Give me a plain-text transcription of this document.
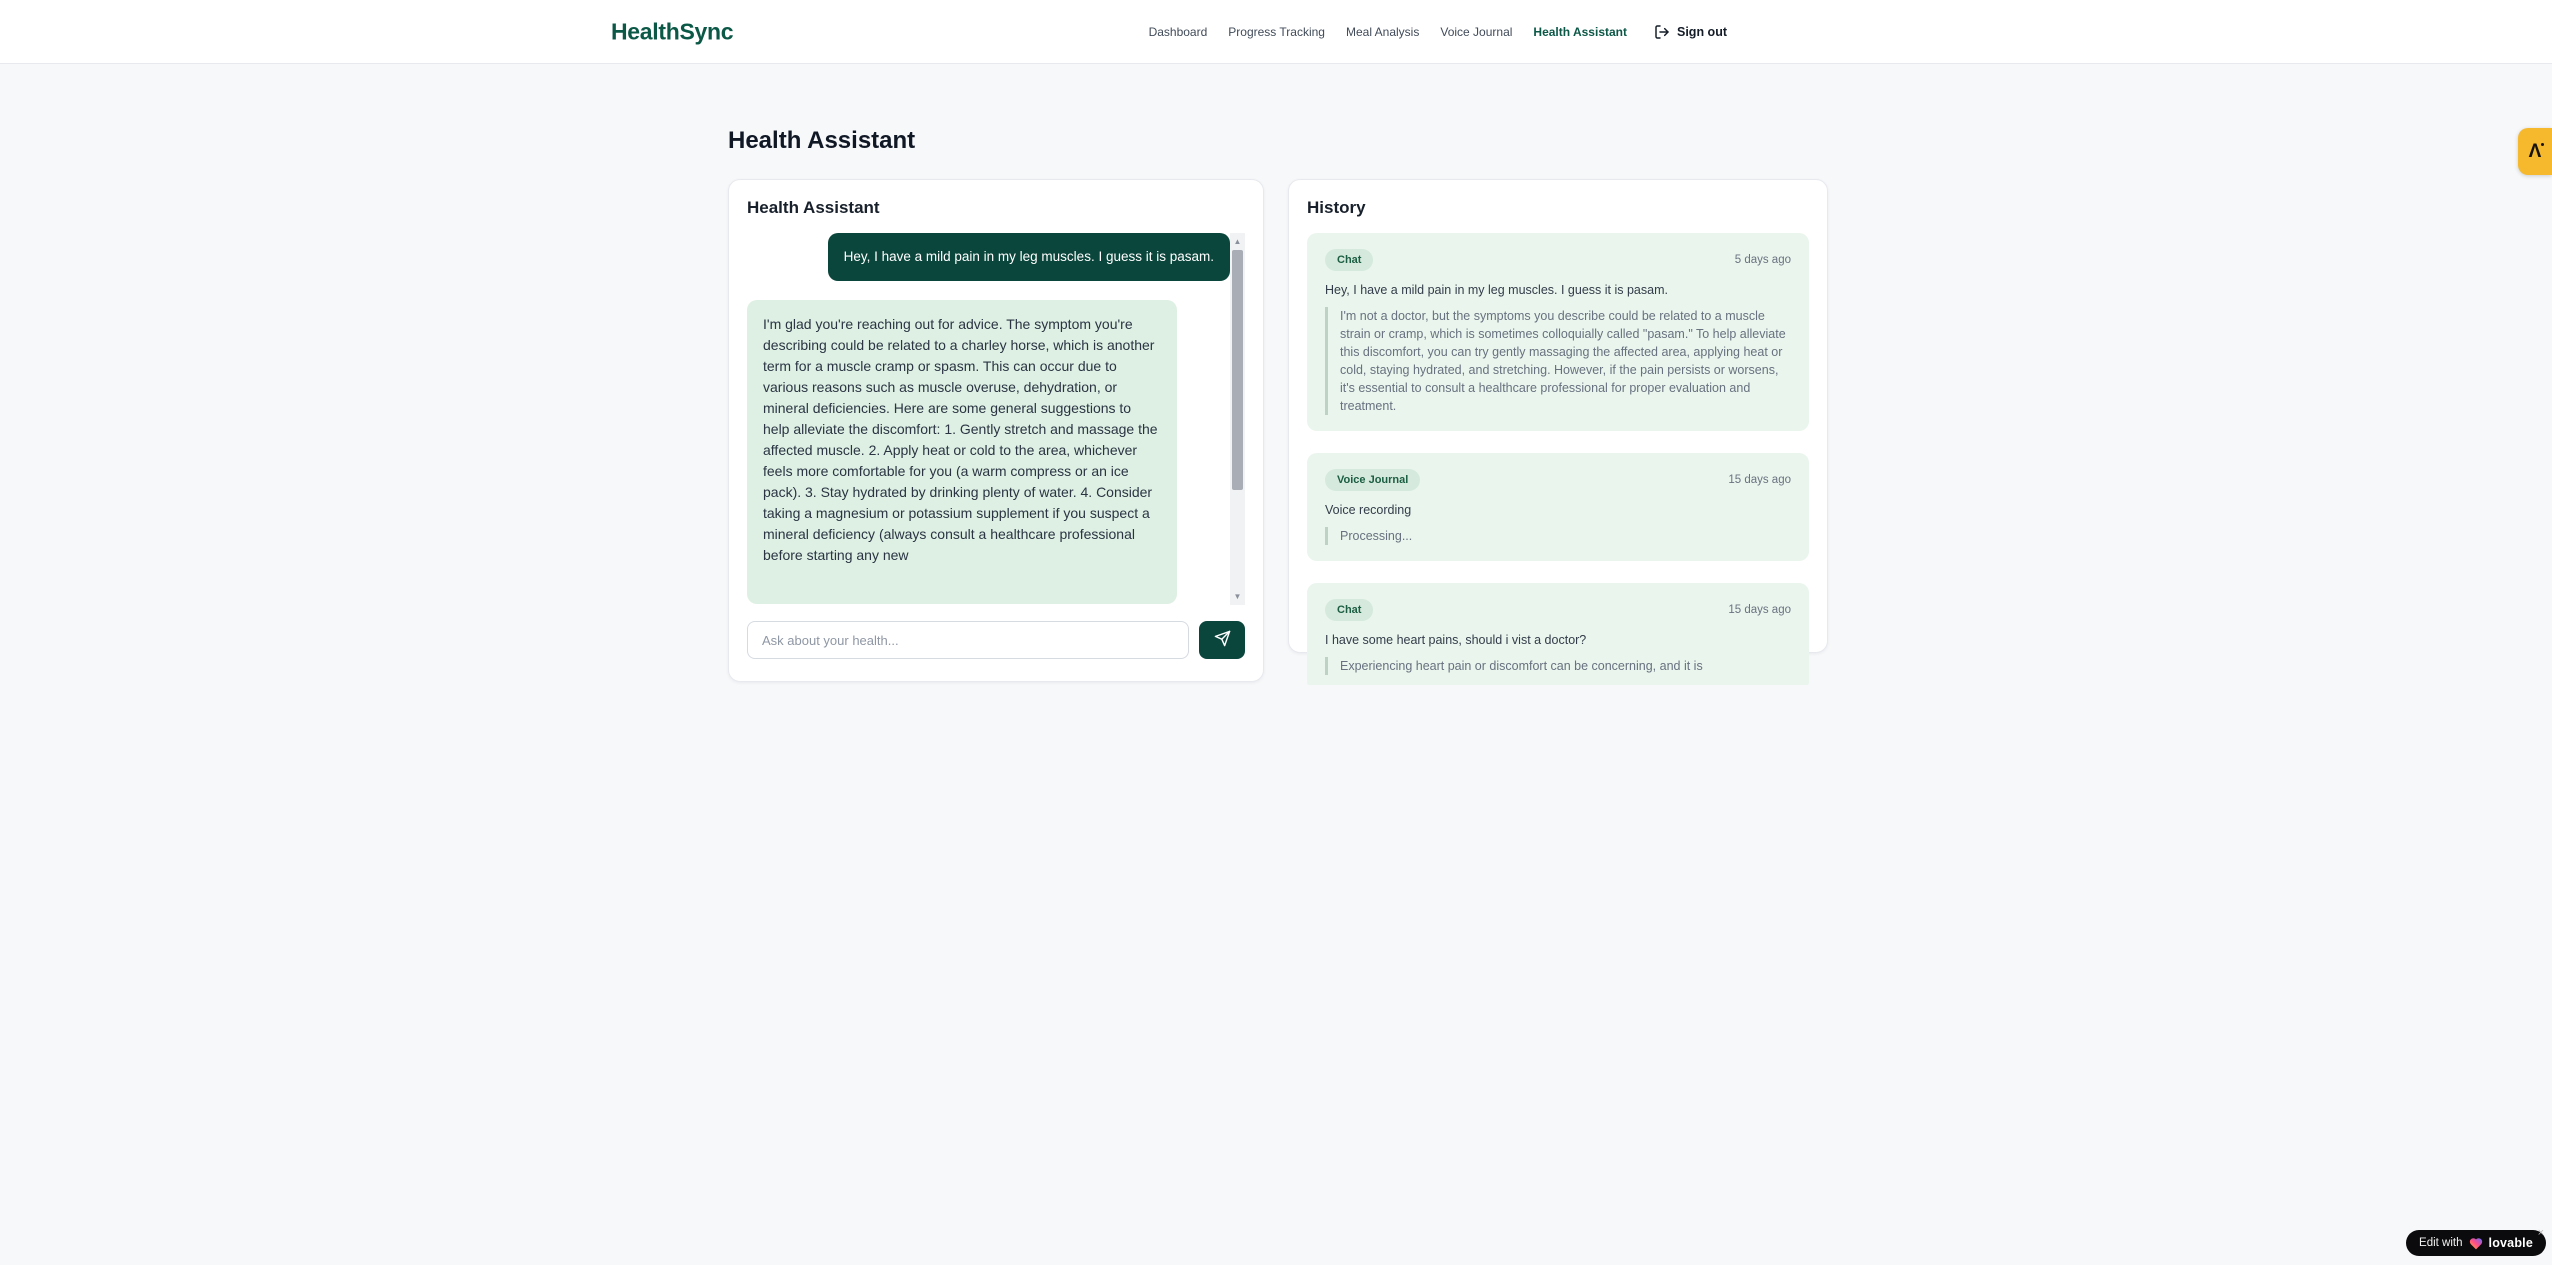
HealthSync	Dashboard Progress Tracking Meal Analysis Voice Journal Health Assistant	Sign out
Health Assistant
Health Assistant
Hey, I have a mild pain in my leg muscles. I guess it is pasam.
I'm glad you're reaching out for advice. The symptom you're describing could be related to a charley horse, which is another term for a muscle cramp or spasm. This can occur due to various reasons such as muscle overuse, dehydration, or mineral deficiencies. Here are some general suggestions to help alleviate the discomfort: 1. Gently stretch and massage the affected muscle. 2. Apply heat or cold to the area, whichever feels more comfortable for you (a warm compress or an ice pack). 3. Stay hydrated by drinking plenty of water. 4. Consider taking a magnesium or potassium supplement if you suspect a mineral deficiency (always consult a healthcare professional before starting any new
▲
▼
Ask about your health...
History
Chat	5 days ago
Hey, I have a mild pain in my leg muscles. I guess it is pasam.
I'm not a doctor, but the symptoms you describe could be related to a muscle strain or cramp, which is sometimes colloquially called "pasam." To help alleviate this discomfort, you can try gently massaging the affected area, applying heat or cold, staying hydrated, and stretching. However, if the pain persists or worsens, it's essential to consult a healthcare professional for proper evaluation and treatment.
Voice Journal	15 days ago
Voice recording
Processing...
Chat	15 days ago
I have some heart pains, should i vist a doctor?
Experiencing heart pain or discomfort can be concerning, and it is
Λ
Edit with lovable
×
